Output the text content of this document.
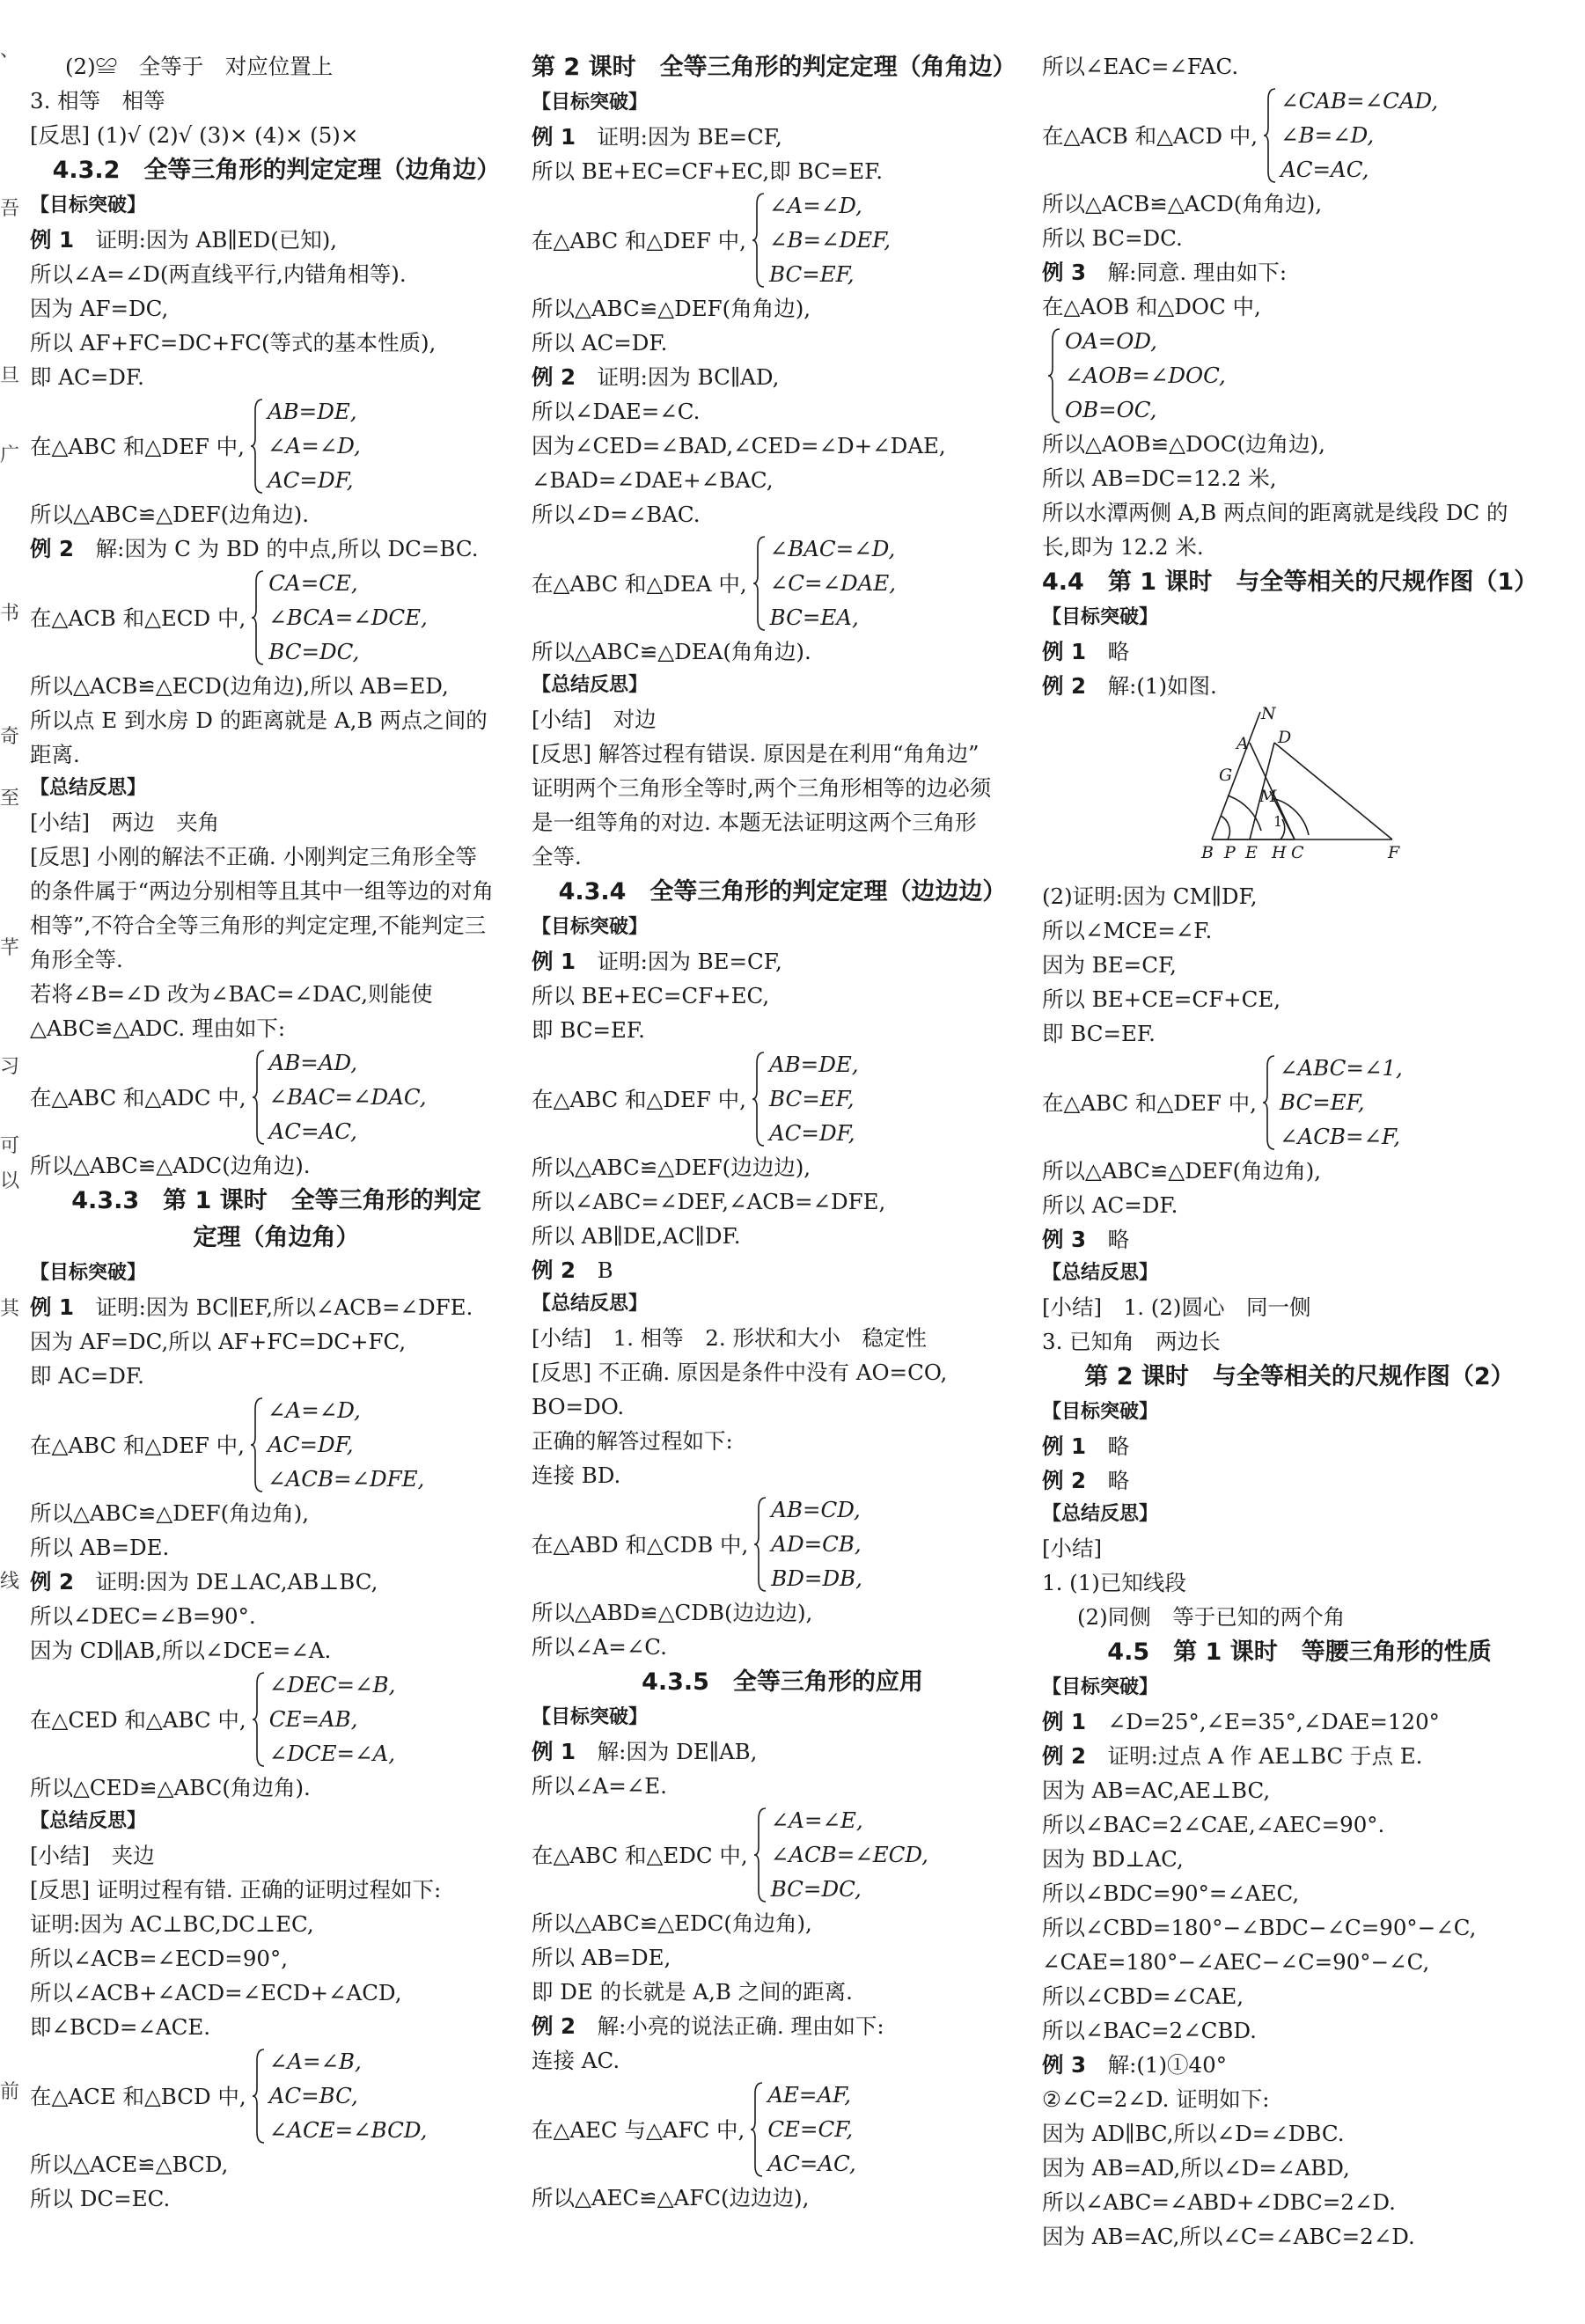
、
吾
旦
广
书
奇
至
芊
习
可
以
其
线
前
(2)≌　全等于　对应位置上
3. 相等　相等
[反思] (1)√ (2)√ (3)× (4)× (5)×
4.3.2　全等三角形的判定定理（边角边）
【目标突破】
例 1　 证明:因为 AB∥ED(已知),
所以∠A=∠D(两直线平行,内错角相等).
因为 AF=DC,
所以 AF+FC=DC+FC(等式的基本性质),
即 AC=DF.
在△ABC 和△DEF 中,
AB=DE,
∠A=∠D,
AC=DF,
所以△ABC≌△DEF(边角边).
例 2　 解:因为 C 为 BD 的中点,所以 DC=BC.
在△ACB 和△ECD 中,
CA=CE,
∠BCA=∠DCE,
BC=DC,
所以△ACB≌△ECD(边角边),所以 AB=ED,
所以点 E 到水房 D 的距离就是 A,B 两点之间的
距离.
【总结反思】
[小结]　两边　夹角
[反思] 小刚的解法不正确. 小刚判定三角形全等
的条件属于“两边分别相等且其中一组等边的对角
相等”,不符合全等三角形的判定定理,不能判定三
角形全等.
若将∠B=∠D 改为∠BAC=∠DAC,则能使
△ABC≌△ADC. 理由如下:
在△ABC 和△ADC 中,
AB=AD,
∠BAC=∠DAC,
AC=AC,
所以△ABC≌△ADC(边角边).
4.3.3　第 1 课时　全等三角形的判定
定理（角边角）
【目标突破】
例 1　 证明:因为 BC∥EF,所以∠ACB=∠DFE.
因为 AF=DC,所以 AF+FC=DC+FC,
即 AC=DF.
在△ABC 和△DEF 中,
∠A=∠D,
AC=DF,
∠ACB=∠DFE,
所以△ABC≌△DEF(角边角),
所以 AB=DE.
例 2　 证明:因为 DE⊥AC,AB⊥BC,
所以∠DEC=∠B=90°.
因为 CD∥AB,所以∠DCE=∠A.
在△CED 和△ABC 中,
∠DEC=∠B,
CE=AB,
∠DCE=∠A,
所以△CED≌△ABC(角边角).
【总结反思】
[小结]　夹边
[反思] 证明过程有错. 正确的证明过程如下:
证明:因为 AC⊥BC,DC⊥EC,
所以∠ACB=∠ECD=90°,
所以∠ACB+∠ACD=∠ECD+∠ACD,
即∠BCD=∠ACE.
在△ACE 和△BCD 中,
∠A=∠B,
AC=BC,
∠ACE=∠BCD,
所以△ACE≌△BCD,
所以 DC=EC.
第 2 课时　全等三角形的判定定理（角角边）
【目标突破】
例 1　 证明:因为 BE=CF,
所以 BE+EC=CF+EC,即 BC=EF.
在△ABC 和△DEF 中,
∠A=∠D,
∠B=∠DEF,
BC=EF,
所以△ABC≌△DEF(角角边),
所以 AC=DF.
例 2　 证明:因为 BC∥AD,
所以∠DAE=∠C.
因为∠CED=∠BAD,∠CED=∠D+∠DAE,
∠BAD=∠DAE+∠BAC,
所以∠D=∠BAC.
在△ABC 和△DEA 中,
∠BAC=∠D,
∠C=∠DAE,
BC=EA,
所以△ABC≌△DEA(角角边).
【总结反思】
[小结]　对边
[反思] 解答过程有错误. 原因是在利用“角角边”
证明两个三角形全等时,两个三角形相等的边必须
是一组等角的对边. 本题无法证明这两个三角形
全等.
4.3.4　全等三角形的判定定理（边边边）
【目标突破】
例 1　 证明:因为 BE=CF,
所以 BE+EC=CF+EC,
即 BC=EF.
在△ABC 和△DEF 中,
AB=DE,
BC=EF,
AC=DF,
所以△ABC≌△DEF(边边边),
所以∠ABC=∠DEF,∠ACB=∠DFE,
所以 AB∥DE,AC∥DF.
例 2　 B
【总结反思】
[小结]　1. 相等　2. 形状和大小　稳定性
[反思] 不正确. 原因是条件中没有 AO=CO,
BO=DO.
正确的解答过程如下:
连接 BD.
在△ABD 和△CDB 中,
AB=CD,
AD=CB,
BD=DB,
所以△ABD≌△CDB(边边边),
所以∠A=∠C.
4.3.5　全等三角形的应用
【目标突破】
例 1　 解:因为 DE∥AB,
所以∠A=∠E.
在△ABC 和△EDC 中,
∠A=∠E,
∠ACB=∠ECD,
BC=DC,
所以△ABC≌△EDC(角边角),
所以 AB=DE,
即 DE 的长就是 A,B 之间的距离.
例 2　 解:小亮的说法正确. 理由如下:
连接 AC.
在△AEC 与△AFC 中,
AE=AF,
CE=CF,
AC=AC,
所以△AEC≌△AFC(边边边),
所以∠EAC=∠FAC.
在△ACB 和△ACD 中,
∠CAB=∠CAD,
∠B=∠D,
AC=AC,
所以△ACB≌△ACD(角角边),
所以 BC=DC.
例 3　 解:同意. 理由如下:
在△AOB 和△DOC 中,
OA=OD,
∠AOB=∠DOC,
OB=OC,
所以△AOB≌△DOC(边角边),
所以 AB=DC=12.2 米,
所以水潭两侧 A,B 两点间的距离就是线段 DC 的
长,即为 12.2 米.
4.4　第 1 课时　与全等相关的尺规作图（1）
【目标突破】
例 1　 略
例 2　 解:(1)如图.
N
A D
G
M
1
B P E H C	F
(2)证明:因为 CM∥DF,
所以∠MCE=∠F.
因为 BE=CF,
所以 BE+CE=CF+CE,
即 BC=EF.
在△ABC 和△DEF 中,
∠ABC=∠1,
BC=EF,
∠ACB=∠F,
所以△ABC≌△DEF(角边角),
所以 AC=DF.
例 3　 略
【总结反思】
[小结]　1. (2)圆心　同一侧
3. 已知角　两边长
第 2 课时　与全等相关的尺规作图（2）
【目标突破】
例 1　 略
例 2　 略
【总结反思】
[小结]
1. (1)已知线段
(2)同侧　等于已知的两个角
4.5　第 1 课时　等腰三角形的性质
【目标突破】
例 1　 ∠D=25°,∠E=35°,∠DAE=120°
例 2　 证明:过点 A 作 AE⊥BC 于点 E.
因为 AB=AC,AE⊥BC,
所以∠BAC=2∠CAE,∠AEC=90°.
因为 BD⊥AC,
所以∠BDC=90°=∠AEC,
所以∠CBD=180°−∠BDC−∠C=90°−∠C,
∠CAE=180°−∠AEC−∠C=90°−∠C,
所以∠CBD=∠CAE,
所以∠BAC=2∠CBD.
例 3　 解:(1)①40°
②∠C=2∠D. 证明如下:
因为 AD∥BC,所以∠D=∠DBC.
因为 AB=AD,所以∠D=∠ABD,
所以∠ABC=∠ABD+∠DBC=2∠D.
因为 AB=AC,所以∠C=∠ABC=2∠D.
